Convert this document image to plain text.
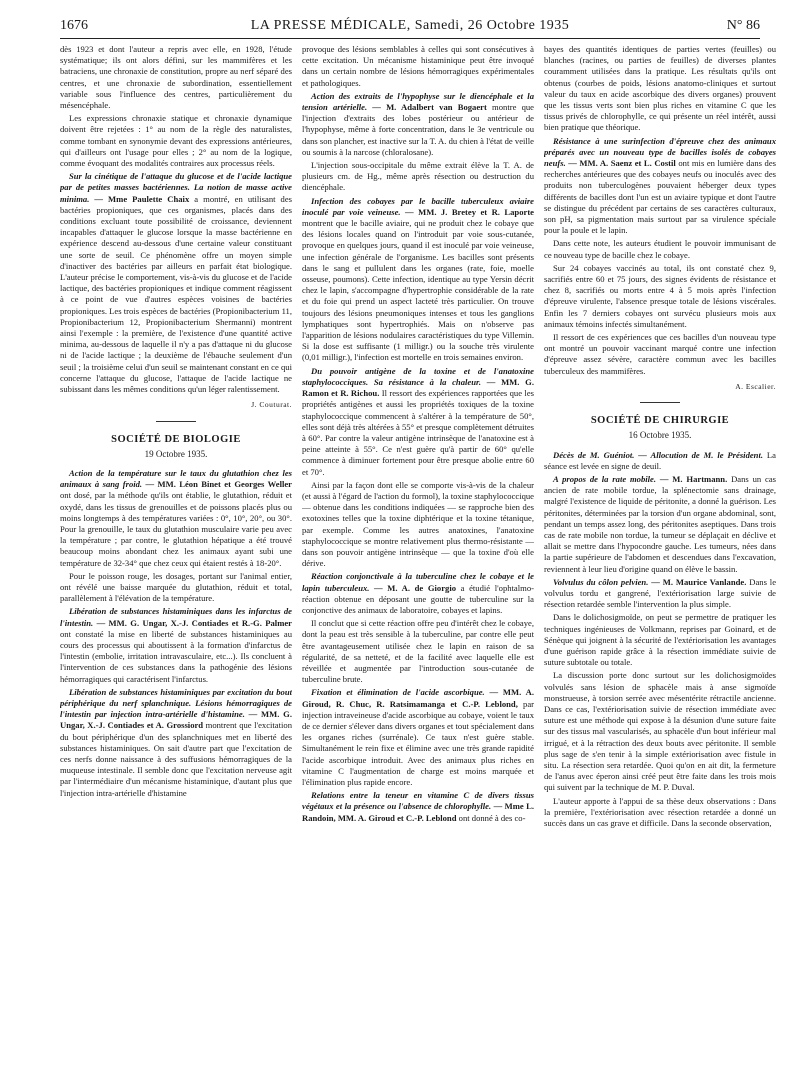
1676	LA PRESSE MÉDICALE, Samedi, 26 Octobre 1935	N° 86

dès 1923 et dont l'auteur a repris avec elle, en 1928, l'étude systématique; ils ont alors défini, sur les mammifères et les batraciens, une chronaxie de constitution, propre au nerf séparé des centres, et une chronaxie de subordination, essentiellement variable sous l'influence des centres, particulièrement du mésencéphale.

Les expressions chronaxie statique et chronaxie dynamique doivent être rejetées : 1° au nom de la règle des naturalistes, comme tombant en synonymie devant des expressions antérieures, qui d'ailleurs ont l'usage pour elles ; 2° au nom de la logique, comme évoquant des modalités contraires aux processus réels.

Sur la cinétique de l'attaque du glucose et de l'acide lactique par de petites masses bactériennes. La notion de masse active minima. — Mme Paulette Chaix a montré, en utilisant des bactéries propioniques, que ces organismes, placés dans des conditions excluant toute possibilité de croissance, deviennent incapables d'attaquer le glucose lorsque la masse bactérienne en expérience descend au-dessous d'une certaine valeur constituant une sorte de seuil. Ce phénomène offre un moyen simple d'inactiver des bactéries par ailleurs en parfait état biologique. L'auteur précise le comportement, vis-à-vis du glucose et de l'acide lactique, des bactéries propioniques et indique comment réagissent à ce point de vue d'autres espèces voisines de bactéries propioniques. Les trois espèces de bactéries (Propionibacterium 11, Propionibacterium 12, Propionibacterium Shermanni) montrent ainsi l'exemple : la première, de l'existence d'une quantité active minima, au-dessous de laquelle il n'y a pas d'attaque ni du glucose ni de l'acide lactique ; la deuxième de l'ébauche seulement d'un seuil ; la troisième celui d'un seuil se maintenant constant en ce qui concerne l'attaque du glucose, l'attaque de l'acide lactique ne subissant dans les mêmes conditions qu'un léger ralentissement.

J. Couturat.
SOCIÉTÉ DE BIOLOGIE
19 Octobre 1935.

Action de la température sur le taux du glutathion chez les animaux à sang froid. — MM. Léon Binet et Georges Weller ont dosé, par la méthode qu'ils ont établie, le glutathion, réduit et oxydé, dans les tissus de grenouilles et de poissons placés plus ou moins longtemps à des températures variées : 0°, 10°, 20°, ou 30°. Pour la grenouille, le taux du glutathion musculaire varie peu avec la température ; par contre, le glutathion hépatique a été trouvé beaucoup moins abondant chez les animaux ayant subi une température de 32-34° que chez ceux qui étaient restés à 18-20°.

Pour le poisson rouge, les dosages, portant sur l'animal entier, ont révélé une baisse marquée du glutathion, réduit et total, parallèlement à l'élévation de la température.

Libération de substances histaminiques dans les infarctus de l'intestin. — MM. G. Ungar, X.-J. Contiades et R.-G. Palmer ont constaté la mise en liberté de substances histaminiques au cours des processus qui aboutissent à la formation d'infarctus de l'intestin (embolie, irritation intravasculaire, etc...). Ils concluent à l'intervention de ces substances dans la pathogénie des lésions hémorragiques qui caractérisent l'infarctus.

Libération de substances histaminiques par excitation du bout périphérique du nerf splanchnique. Lésions hémorragiques de l'intestin par injection intra-artérielle d'histamine. — MM. G. Ungar, X.-J. Contiades et A. Grossiord montrent que l'excitation du bout périphérique d'un des splanchniques met en liberté des substances histaminiques. On sait d'autre part que l'excitation de ces nerfs donne naissance à des suffusions hémorragiques de la muqueuse intestinale. Il semble donc que l'excitation nerveuse agit par l'intermédiaire d'un mécanisme histaminique, d'autant plus que l'injection intra-artérielle d'histamine

provoque des lésions semblables à celles qui sont consécutives à cette excitation. Un mécanisme histaminique peut être invoqué dans un certain nombre de lésions hémorragiques expérimentales et pathologiques.

Action des extraits de l'hypophyse sur le diencéphale et la tension artérielle. — M. Adalbert van Bogaert montre que l'injection d'extraits des lobes postérieur ou antérieur de l'hypophyse, même à forte concentration, dans le 3e ventricule ou dans son plancher, est inactive sur la T. A. du chien à l'état de veille ou soumis à la narcose (chloralosane).

L'injection sous-occipitale du même extrait élève la T. A. de plusieurs cm. de Hg., même après résection ou destruction du diencéphale.

Infection des cobayes par le bacille tuberculeux aviaire inoculé par voie veineuse. — MM. J. Bretey et R. Laporte montrent que le bacille aviaire, qui ne produit chez le cobaye que des lésions locales quand on l'introduit par voie sous-cutanée, provoque en quelques jours, quand il est inoculé par voie veineuse, une infection générale de l'organisme. Les bacilles sont présents dans le sang et pullulent dans les organes (rate, foie, moelle osseuse, poumons). Cette infection, identique au type Yersin décrit chez le lapin, s'accompagne d'hypertrophie considérable de la rate et du foie qui prend un aspect lacteté très particulier. On trouve toujours des lésions pneumoniques intenses et tous les ganglions lymphatiques sont hypertrophiés. Mais on n'observe pas l'apparition de lésions nodulaires caractéristiques du type Villemin. Si la dose est suffisante (1 milligr.) ou la souche très virulente (0,01 milligr.), l'infection est mortelle en trois semaines environ.

Du pouvoir antigène de la toxine et de l'anatoxine staphylococciques. Sa résistance à la chaleur. — MM. G. Ramon et R. Richou. Il ressort des expériences rapportées que les propriétés antigènes et aussi les propriétés toxiques de la toxine staphylococcique commencent à s'altérer à la température de 50°, elles sont déjà très altérées à 55° et presque complètement détruites à 60°. Par contre la valeur antigène intrinsèque de l'anatoxine est à peine atteinte à 55°. Ce n'est guère qu'à partir de 60° qu'elle commence à diminuer fortement pour être presque abolie entre 60 et 70°.

Ainsi par la façon dont elle se comporte vis-à-vis de la chaleur (et aussi à l'égard de l'action du formol), la toxine staphylococcique — obtenue dans les conditions indiquées — se rapproche bien des exotoxines telles que la toxine diphtérique et la toxine tétanique, par exemple. Comme les autres anatoxines, l'anatoxine staphylococcique se montre relativement plus thermo-résistante — dans son pouvoir antigène intrinsèque — que la toxine d'où elle dérive.

Réaction conjonctivale à la tuberculine chez le cobaye et le lapin tuberculeux. — M. A. de Giorgio a étudié l'ophtalmo-réaction obtenue en déposant une goutte de tuberculine sur la conjonctive des animaux de laboratoire, cobayes et lapins.

Il conclut que si cette réaction offre peu d'intérêt chez le cobaye, dont la peau est très sensible à la tuberculine, par contre elle peut être avantageusement utilisée chez le lapin en raison de sa régularité, de sa netteté, et de la facilité avec laquelle elle est réveillée et augmentée par l'introduction sous-cutanée de tuberculine brute.

Fixation et élimination de l'acide ascorbique. — MM. A. Giroud, R. Chuc, R. Ratsimamanga et C.-P. Leblond, par injection intraveineuse d'acide ascorbique au cobaye, voient le taux de ce dernier s'élever dans divers organes et tout spécialement dans les organes riches (surrénale). Ce taux n'est guère stable. Simultanément le rein fixe et élimine avec une très grande rapidité l'acide ascorbique introduit. Avec des animaux plus riches en vitamine C l'augmentation de charge est moins marquée et l'élimination plus rapide encore.

Relations entre la teneur en vitamine C de divers tissus végétaux et la présence ou l'absence de chlorophylle. — Mme L. Randoin, MM. A. Giroud et C.-P. Leblond ont donné à des co-

bayes des quantités identiques de parties vertes (feuilles) ou blanches (racines, ou parties de feuilles) de diverses plantes couramment utilisées dans la pratique. Les résultats qu'ils ont obtenus (courbes de poids, lésions anatomo-cliniques et surtout valeur du taux en acide ascorbique des divers organes) prouvent que les tissus verts sont bien plus riches en vitamine C que les tissus privés de chlorophylle, ce qui présente un réel intérêt, aussi bien pratique que théorique.

Résistance à une surinfection d'épreuve chez des animaux préparés avec un nouveau type de bacilles isolés de cobayes neufs. — MM. A. Saenz et L. Costil ont mis en lumière dans des recherches antérieures que des cobayes neufs ou inoculés avec des produits non tuberculogènes pouvaient héberger deux types différents de bacilles dont l'un est un aviaire typique et dont l'autre se distingue du précédent par certains de ses caractères culturaux, son pH, sa pigmentation mais surtout par sa virulence spéciale pour la poule et le lapin.

Dans cette note, les auteurs étudient le pouvoir immunisant de ce nouveau type de bacille chez le cobaye.

Sur 24 cobayes vaccinés au total, ils ont constaté chez 9, sacrifiés entre 60 et 75 jours, des signes évidents de résistance et chez 8, sacrifiés ou morts entre 4 à 5 mois après l'infection d'épreuve virulente, l'absence presque totale de lésions viscérales. Enfin les 7 derniers cobayes ont survécu plusieurs mois aux animaux témoins infectés simultanément.

Il ressort de ces expériences que ces bacilles d'un nouveau type ont montré un pouvoir vaccinant marqué contre une infection d'épreuve assez sévère, caractère commun avec les bacilles tuberculeux des mammifères.

A. Escalier.
SOCIÉTÉ DE CHIRURGIE
16 Octobre 1935.

Décès de M. Guéniot. — Allocution de M. le Président. La séance est levée en signe de deuil.

A propos de la rate mobile. — M. Hartmann. Dans un cas ancien de rate mobile tordue, la splénectomie sans drainage, malgré l'existence de liquide de péritonite, a donné la guérison. Les péritonites, déterminées par la torsion d'un organe abdominal, sont, pendant un temps assez long, des péritonites aseptiques. Dans trois cas de rate mobile non tordue, la tumeur se déplaçait en déclive et allait se mettre dans l'hypocondre gauche. Les tumeurs, nées dans la partie supérieure de l'abdomen et descendues dans l'excavation, reviennent à leur lieu d'origine quand on élève le bassin.

Volvulus du côlon pelvien. — M. Maurice Vanlande. Dans le volvulus tordu et gangrené, l'extériorisation large suivie de résection retardée semble l'intervention la plus simple.

Dans le dolichosigmoïde, on peut se permettre de pratiquer les techniques ingénieuses de Volkmann, reprises par Goinard, et de Sénèque qui joignent à la sécurité de l'extériorisation les avantages d'une guérison rapide grâce à la résection immédiate suivie de suture subtotale ou totale.

La discussion porte donc surtout sur les dolichosigmoïdes volvulés sans lésion de sphacèle mais à anse sigmoïde monstrueuse, à torsion serrée avec mésentérite rétractile ancienne. Dans ce cas, l'extériorisation suivie de résection immédiate avec suture est une méthode qui expose à la désunion d'une suture faite sur des tissus mal vascularisés, au sphacèle d'un bout inférieur mal irrigué, et à la rétraction des deux bouts avec péritonite. Il semble plus sage de s'en tenir à la simple extériorisation avec fistule in situ. La résection sera retardée. Quoi qu'on en ait dit, la fermeture de l'anus avec éperon ainsi créé peut être faite dans les trois mois qui suivent par la technique de M. P. Duval.

L'auteur apporte à l'appui de sa thèse deux observations : Dans la première, l'extériorisation avec résection retardée a donné un succès dans un cas grave et difficile. Dans la seconde observation,
